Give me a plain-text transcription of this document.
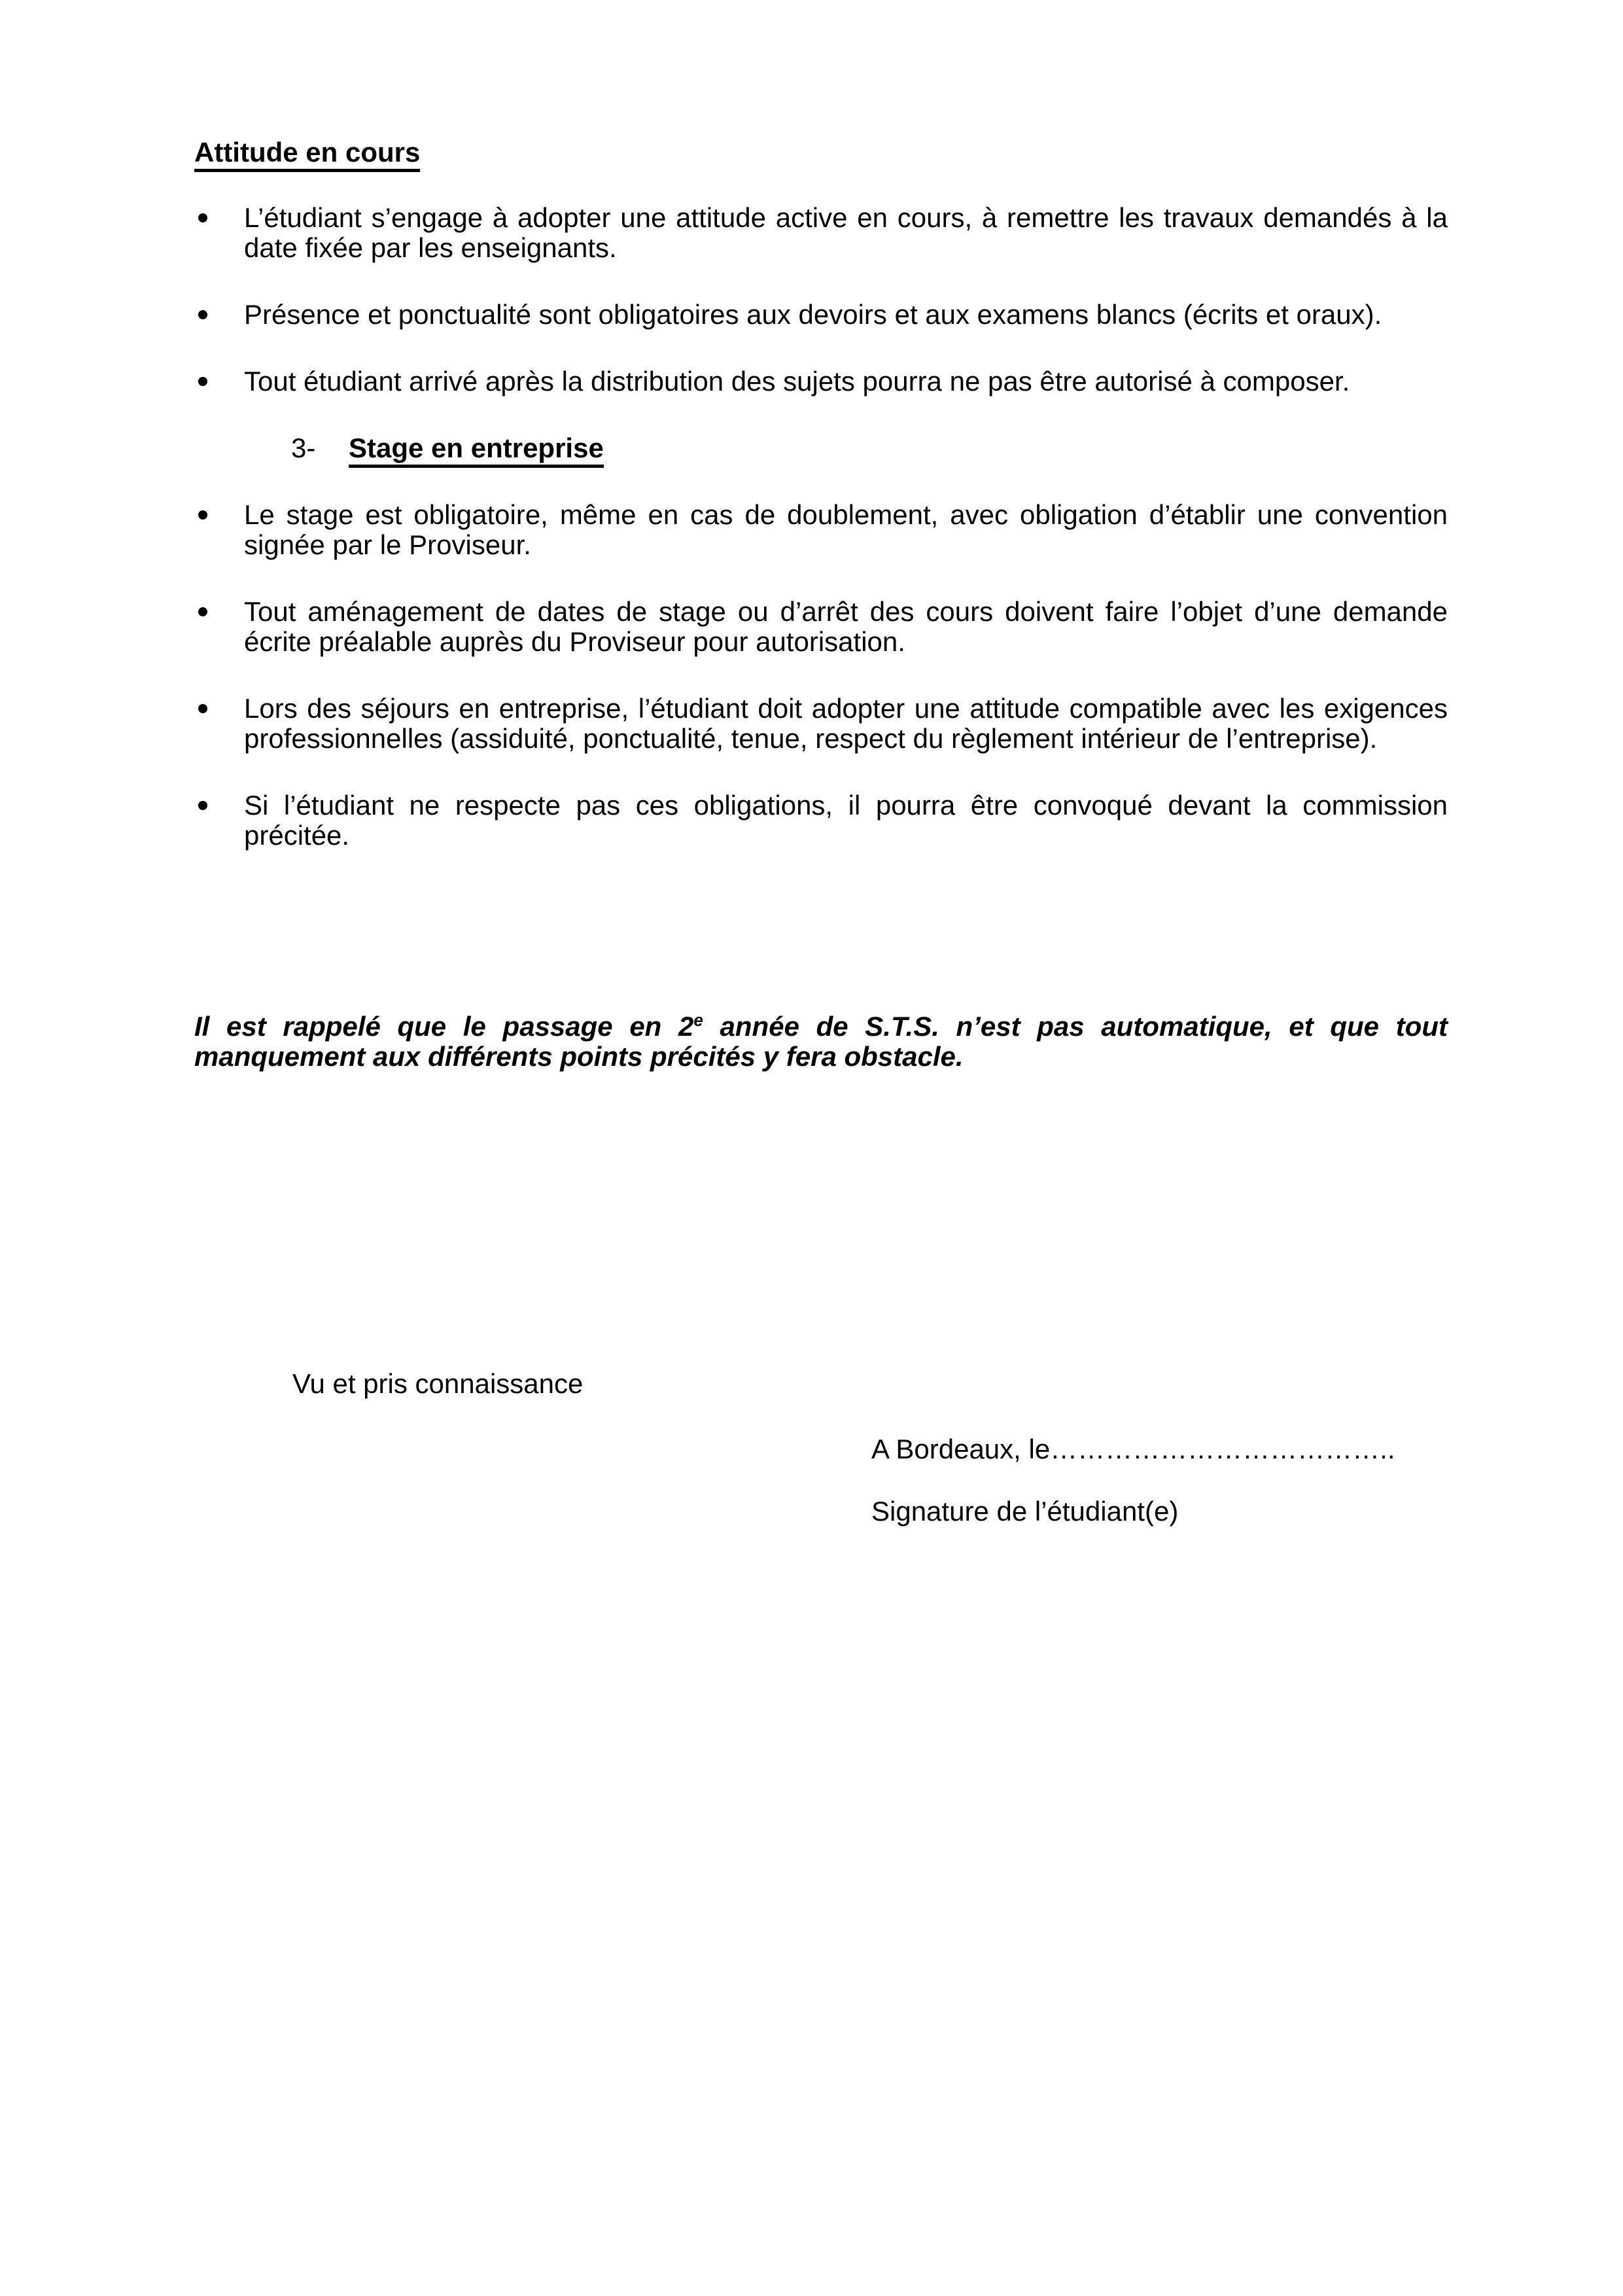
Attitude en cours
L’étudiant s’engage à adopter une attitude active en cours, à remettre les travaux demandés à la date fixée par les enseignants.
Présence et ponctualité sont obligatoires aux devoirs et aux examens blancs (écrits et oraux).
Tout étudiant arrivé après la distribution des sujets pourra ne pas être autorisé à composer.
3- Stage en entreprise
Le stage est obligatoire, même en cas de doublement, avec obligation d’établir une convention signée par le Proviseur.
Tout aménagement de dates de stage ou d’arrêt des cours doivent faire l’objet d’une demande écrite préalable auprès du Proviseur pour autorisation.
Lors des séjours en entreprise, l’étudiant doit adopter une attitude compatible avec les exigences professionnelles (assiduité, ponctualité, tenue, respect du règlement intérieur de l’entreprise).
Si l’étudiant ne respecte pas ces obligations, il pourra être convoqué devant la commission précitée.

Il est rappelé que le passage en 2e année de S.T.S. n’est pas automatique, et que tout manquement aux différents points précités y fera obstacle.

Vu et pris connaissance

A Bordeaux, le………………………………..

Signature de l’étudiant(e)
